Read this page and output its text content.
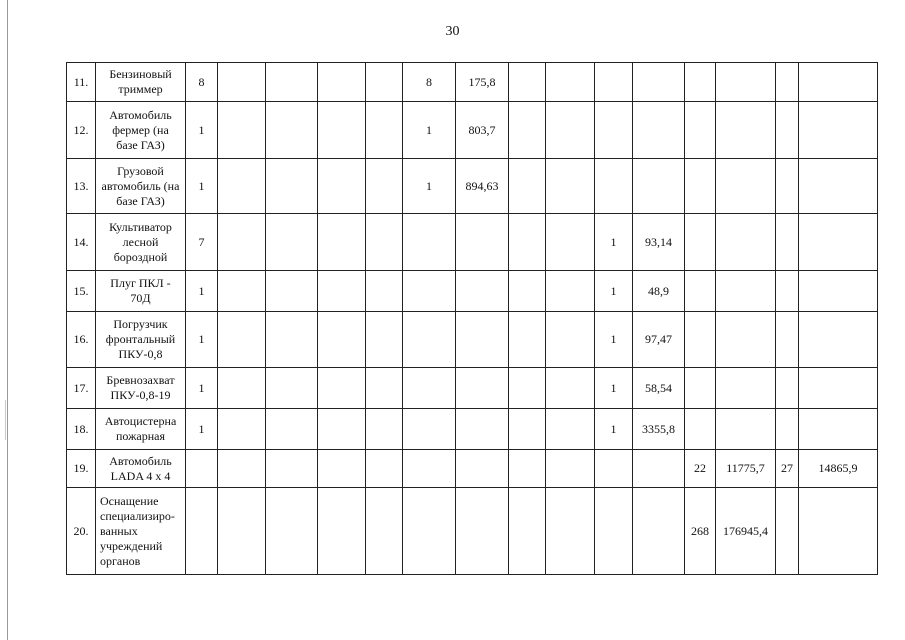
30
11.	Бензиновый
триммер	8					8	175,8								
12.	Автомобиль
фермер (на
базе ГАЗ)	1					1	803,7								
13.	Грузовой
автомобиль (на
базе ГАЗ)	1					1	894,63								
14.	Культиватор
лесной
бороздной	7									1	93,14				
15.	Плуг ПКЛ -
70Д	1									1	48,9				
16.	Погрузчик
фронтальный
ПКУ-0,8	1									1	97,47				
17.	Бревнозахват
ПКУ-0,8-19	1									1	58,54				
18.	Автоцистерна
пожарная	1									1	3355,8				
19.	Автомобиль
LADA 4 x 4												22	11775,7	27	14865,9
20.	Оснащение
специализиро-
ванных
учреждений
органов												268	176945,4		
